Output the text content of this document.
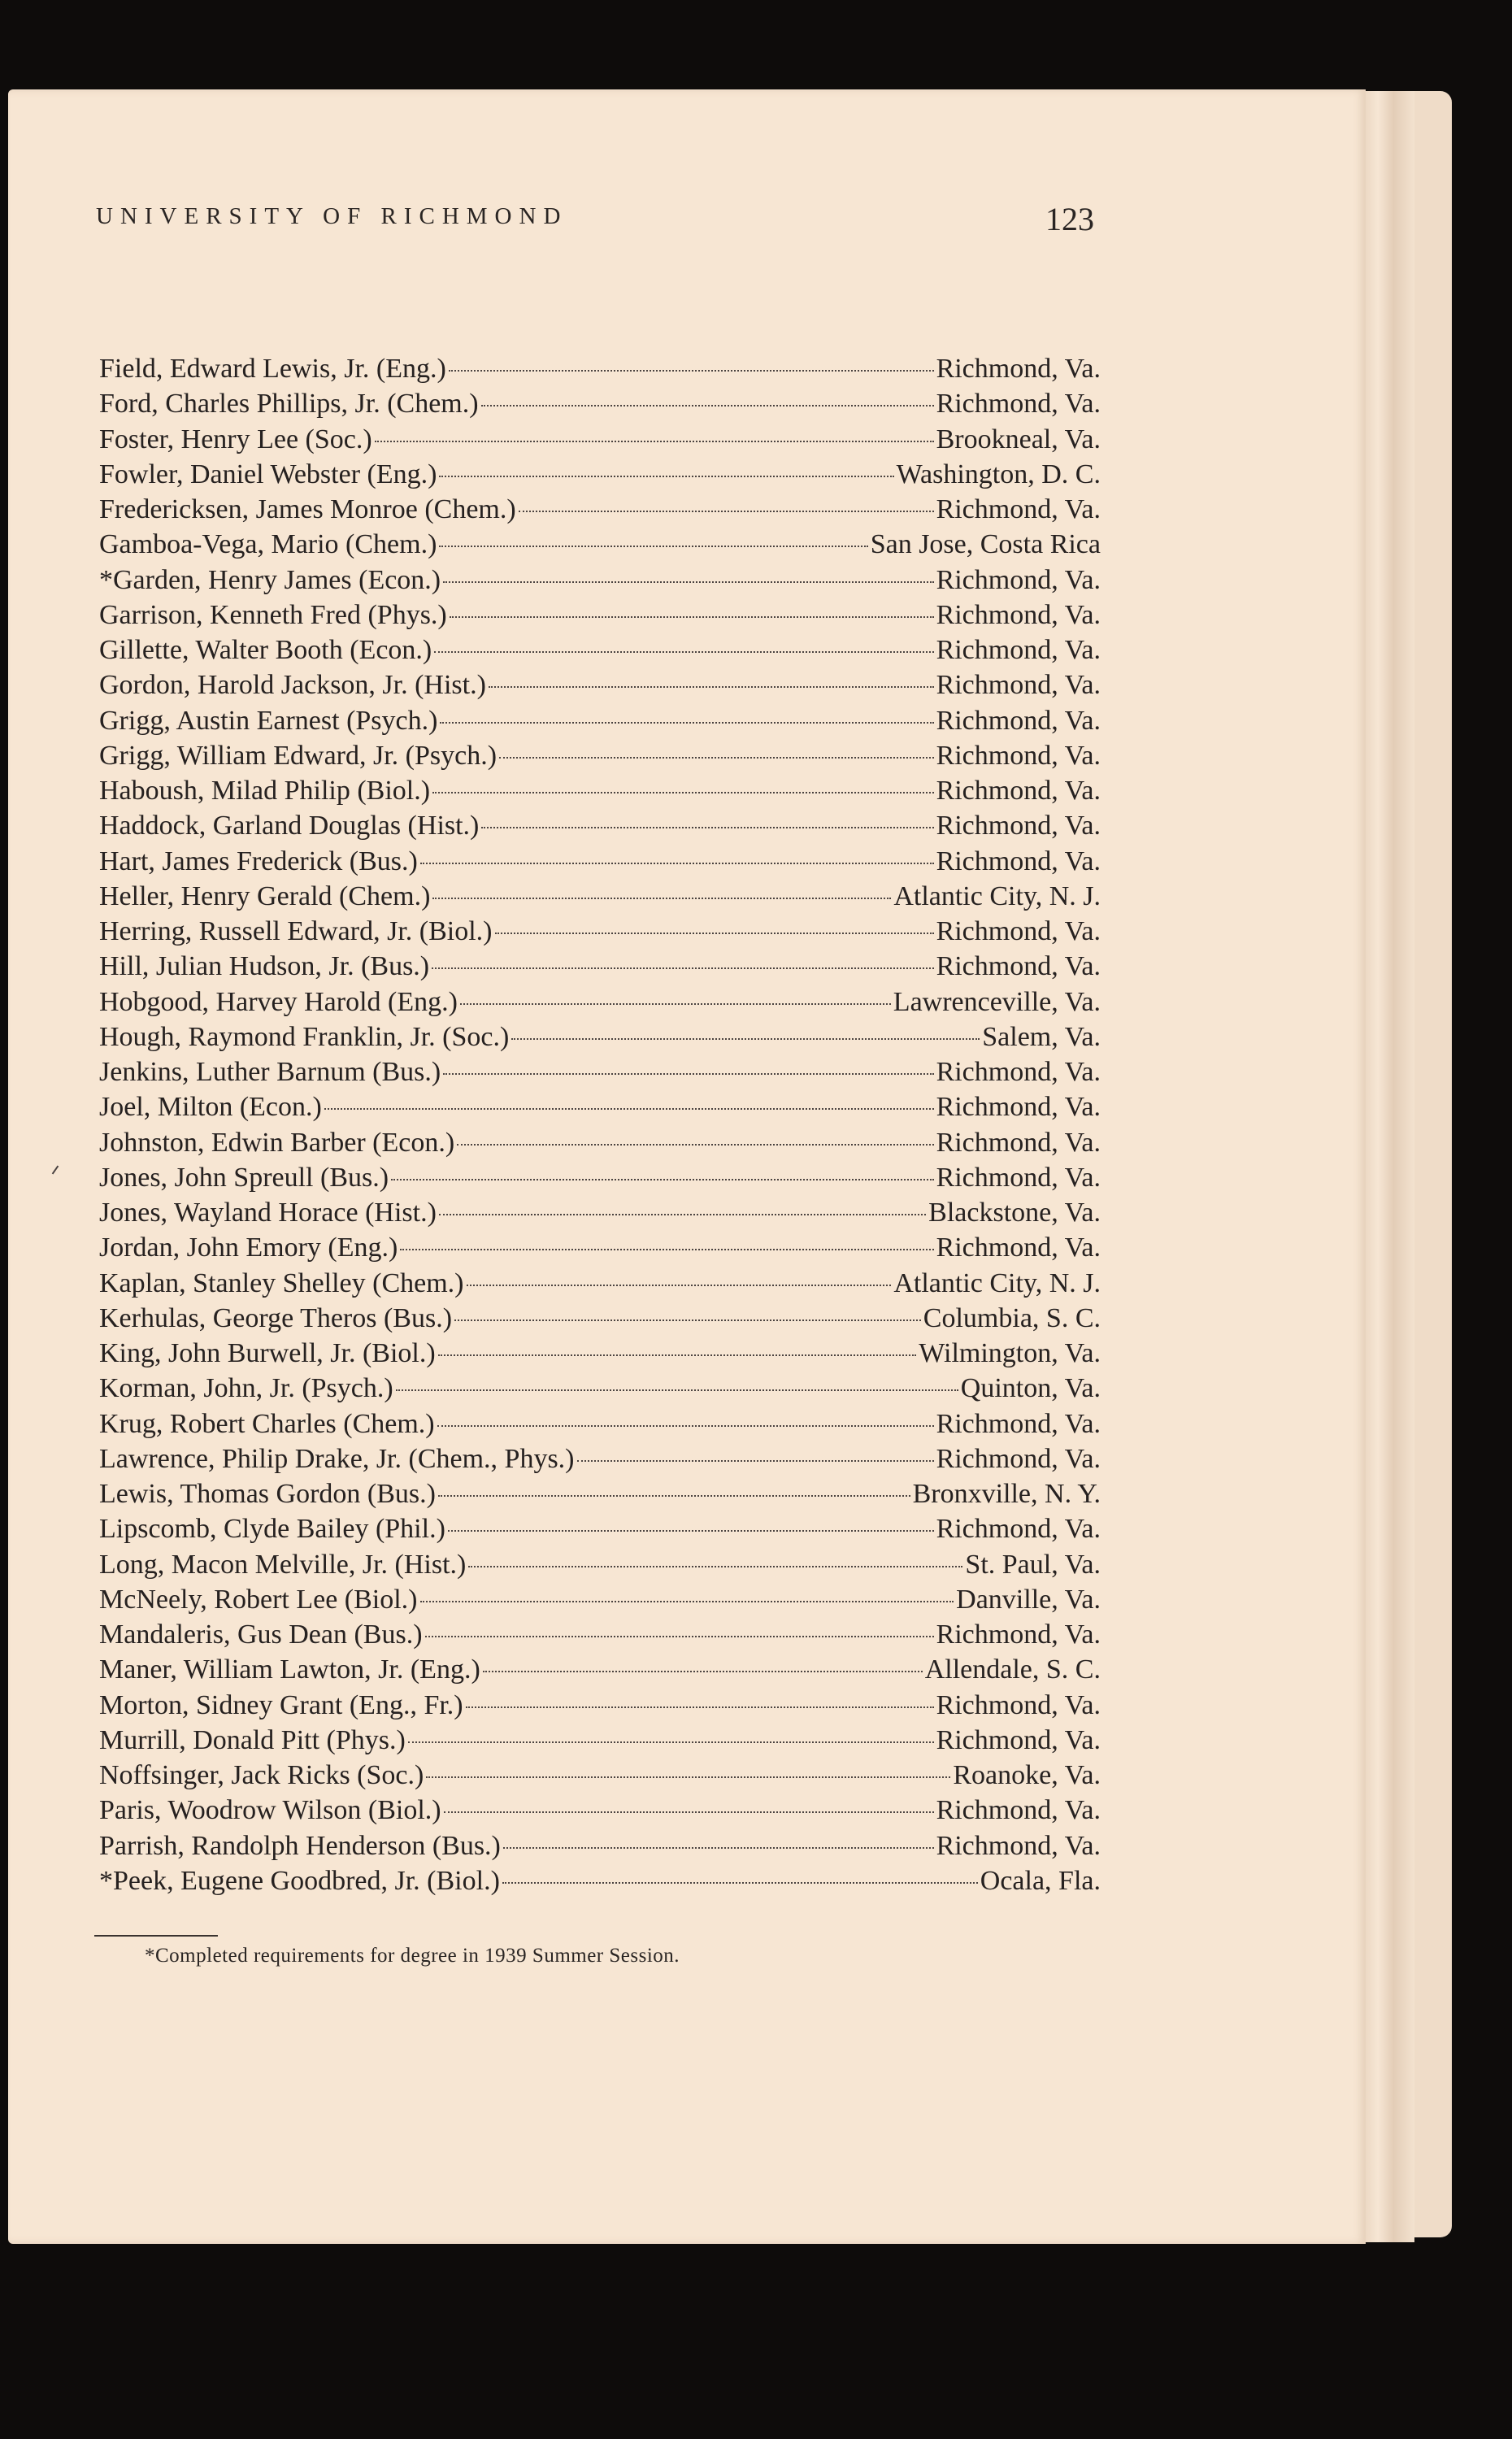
UNIVERSITY OF RICHMOND	123
Field, Edward Lewis, Jr. (Eng.)	Richmond, Va.
Ford, Charles Phillips, Jr. (Chem.)	Richmond, Va.
Foster, Henry Lee (Soc.)	Brookneal, Va.
Fowler, Daniel Webster (Eng.)	Washington, D. C.
Fredericksen, James Monroe (Chem.)	Richmond, Va.
Gamboa-Vega, Mario (Chem.)	San Jose, Costa Rica
*Garden, Henry James (Econ.)	Richmond, Va.
Garrison, Kenneth Fred (Phys.)	Richmond, Va.
Gillette, Walter Booth (Econ.)	Richmond, Va.
Gordon, Harold Jackson, Jr. (Hist.)	Richmond, Va.
Grigg, Austin Earnest (Psych.)	Richmond, Va.
Grigg, William Edward, Jr. (Psych.)	Richmond, Va.
Haboush, Milad Philip (Biol.)	Richmond, Va.
Haddock, Garland Douglas (Hist.)	Richmond, Va.
Hart, James Frederick (Bus.)	Richmond, Va.
Heller, Henry Gerald (Chem.)	Atlantic City, N. J.
Herring, Russell Edward, Jr. (Biol.)	Richmond, Va.
Hill, Julian Hudson, Jr. (Bus.)	Richmond, Va.
Hobgood, Harvey Harold (Eng.)	Lawrenceville, Va.
Hough, Raymond Franklin, Jr. (Soc.)	Salem, Va.
Jenkins, Luther Barnum (Bus.)	Richmond, Va.
Joel, Milton (Econ.)	Richmond, Va.
Johnston, Edwin Barber (Econ.)	Richmond, Va.
Jones, John Spreull (Bus.)	Richmond, Va.
Jones, Wayland Horace (Hist.)	Blackstone, Va.
Jordan, John Emory (Eng.)	Richmond, Va.
Kaplan, Stanley Shelley (Chem.)	Atlantic City, N. J.
Kerhulas, George Theros (Bus.)	Columbia, S. C.
King, John Burwell, Jr. (Biol.)	Wilmington, Va.
Korman, John, Jr. (Psych.)	Quinton, Va.
Krug, Robert Charles (Chem.)	Richmond, Va.
Lawrence, Philip Drake, Jr. (Chem., Phys.)	Richmond, Va.
Lewis, Thomas Gordon (Bus.)	Bronxville, N. Y.
Lipscomb, Clyde Bailey (Phil.)	Richmond, Va.
Long, Macon Melville, Jr. (Hist.)	St. Paul, Va.
McNeely, Robert Lee (Biol.)	Danville, Va.
Mandaleris, Gus Dean (Bus.)	Richmond, Va.
Maner, William Lawton, Jr. (Eng.)	Allendale, S. C.
Morton, Sidney Grant (Eng., Fr.)	Richmond, Va.
Murrill, Donald Pitt (Phys.)	Richmond, Va.
Noffsinger, Jack Ricks (Soc.)	Roanoke, Va.
Paris, Woodrow Wilson (Biol.)	Richmond, Va.
Parrish, Randolph Henderson (Bus.)	Richmond, Va.
*Peek, Eugene Goodbred, Jr. (Biol.)	Ocala, Fla.
*Completed requirements for degree in 1939 Summer Session.
